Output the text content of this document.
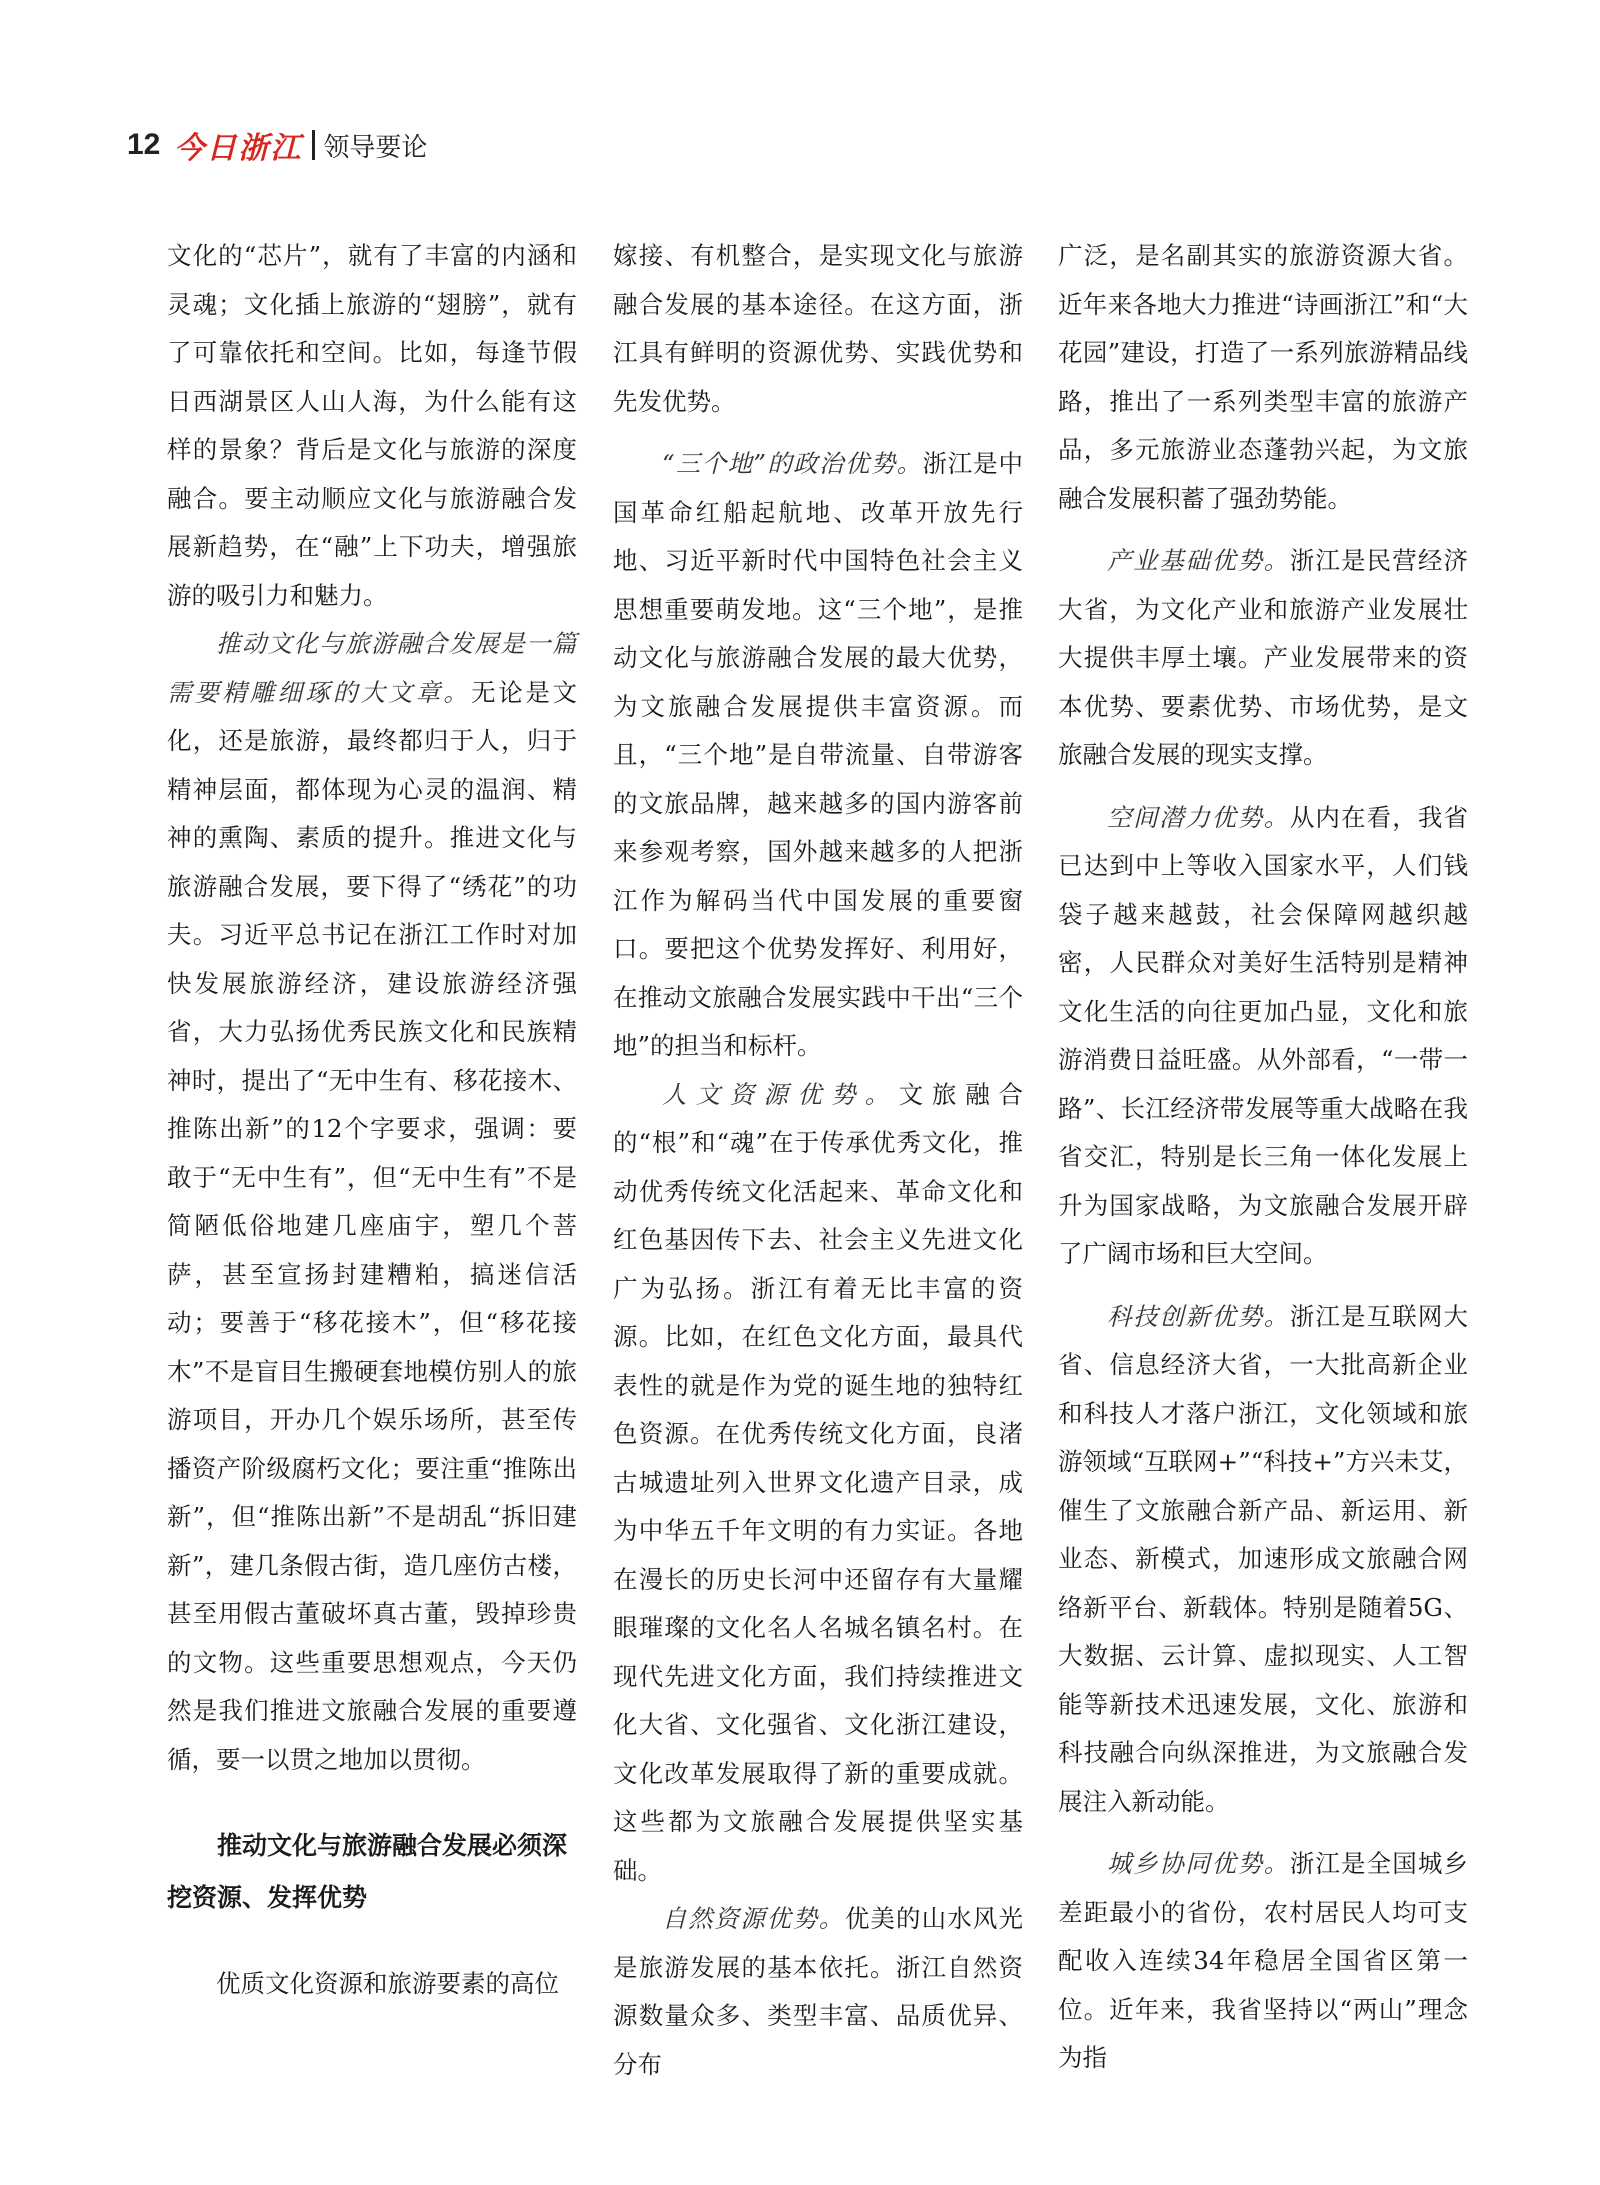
12 今日浙江 领导要论

文化的“芯片”，就有了丰富的内涵和灵魂；文化插上旅游的“翅膀”，就有了可靠依托和空间。比如，每逢节假日西湖景区人山人海，为什么能有这样的景象？背后是文化与旅游的深度融合。要主动顺应文化与旅游融合发展新趋势，在“融”上下功夫，增强旅游的吸引力和魅力。

推动文化与旅游融合发展是一篇需要精雕细琢的大文章。无论是文化，还是旅游，最终都归于人，归于精神层面，都体现为心灵的温润、精神的熏陶、素质的提升。推进文化与旅游融合发展，要下得了“绣花”的功夫。习近平总书记在浙江工作时对加快发展旅游经济，建设旅游经济强省，大力弘扬优秀民族文化和民族精神时，提出了“无中生有、移花接木、推陈出新”的12个字要求，强调：要敢于“无中生有”，但“无中生有”不是简陋低俗地建几座庙宇，塑几个菩萨，甚至宣扬封建糟粕，搞迷信活动；要善于“移花接木”，但“移花接木”不是盲目生搬硬套地模仿别人的旅游项目，开办几个娱乐场所，甚至传播资产阶级腐朽文化；要注重“推陈出新”，但“推陈出新”不是胡乱“拆旧建新”，建几条假古街，造几座仿古楼，甚至用假古董破坏真古董，毁掉珍贵的文物。这些重要思想观点，今天仍然是我们推进文旅融合发展的重要遵循，要一以贯之地加以贯彻。

推动文化与旅游融合发展必须深挖资源、发挥优势

优质文化资源和旅游要素的高位

嫁接、有机整合，是实现文化与旅游融合发展的基本途径。在这方面，浙江具有鲜明的资源优势、实践优势和先发优势。

“三个地”的政治优势。浙江是中国革命红船起航地、改革开放先行地、习近平新时代中国特色社会主义思想重要萌发地。这“三个地”，是推动文化与旅游融合发展的最大优势，为文旅融合发展提供丰富资源。而且，“三个地”是自带流量、自带游客的文旅品牌，越来越多的国内游客前来参观考察，国外越来越多的人把浙江作为解码当代中国发展的重要窗口。要把这个优势发挥好、利用好，在推动文旅融合发展实践中干出“三个地”的担当和标杆。

人文资源优势。文旅融合的“根”和“魂”在于传承优秀文化，推动优秀传统文化活起来、革命文化和红色基因传下去、社会主义先进文化广为弘扬。浙江有着无比丰富的资源。比如，在红色文化方面，最具代表性的就是作为党的诞生地的独特红色资源。在优秀传统文化方面，良渚古城遗址列入世界文化遗产目录，成为中华五千年文明的有力实证。各地在漫长的历史长河中还留存有大量耀眼璀璨的文化名人名城名镇名村。在现代先进文化方面，我们持续推进文化大省、文化强省、文化浙江建设，文化改革发展取得了新的重要成就。这些都为文旅融合发展提供坚实基础。

自然资源优势。优美的山水风光是旅游发展的基本依托。浙江自然资源数量众多、类型丰富、品质优异、分布

广泛，是名副其实的旅游资源大省。近年来各地大力推进“诗画浙江”和“大花园”建设，打造了一系列旅游精品线路，推出了一系列类型丰富的旅游产品，多元旅游业态蓬勃兴起，为文旅融合发展积蓄了强劲势能。

产业基础优势。浙江是民营经济大省，为文化产业和旅游产业发展壮大提供丰厚土壤。产业发展带来的资本优势、要素优势、市场优势，是文旅融合发展的现实支撑。

空间潜力优势。从内在看，我省已达到中上等收入国家水平，人们钱袋子越来越鼓，社会保障网越织越密，人民群众对美好生活特别是精神文化生活的向往更加凸显，文化和旅游消费日益旺盛。从外部看，“一带一路”、长江经济带发展等重大战略在我省交汇，特别是长三角一体化发展上升为国家战略，为文旅融合发展开辟了广阔市场和巨大空间。

科技创新优势。浙江是互联网大省、信息经济大省，一大批高新企业和科技人才落户浙江，文化领域和旅游领域“互联网+”“科技+”方兴未艾，催生了文旅融合新产品、新运用、新业态、新模式，加速形成文旅融合网络新平台、新载体。特别是随着5G、大数据、云计算、虚拟现实、人工智能等新技术迅速发展，文化、旅游和科技融合向纵深推进，为文旅融合发展注入新动能。

城乡协同优势。浙江是全国城乡差距最小的省份，农村居民人均可支配收入连续34年稳居全国省区第一位。近年来，我省坚持以“两山”理念为指
